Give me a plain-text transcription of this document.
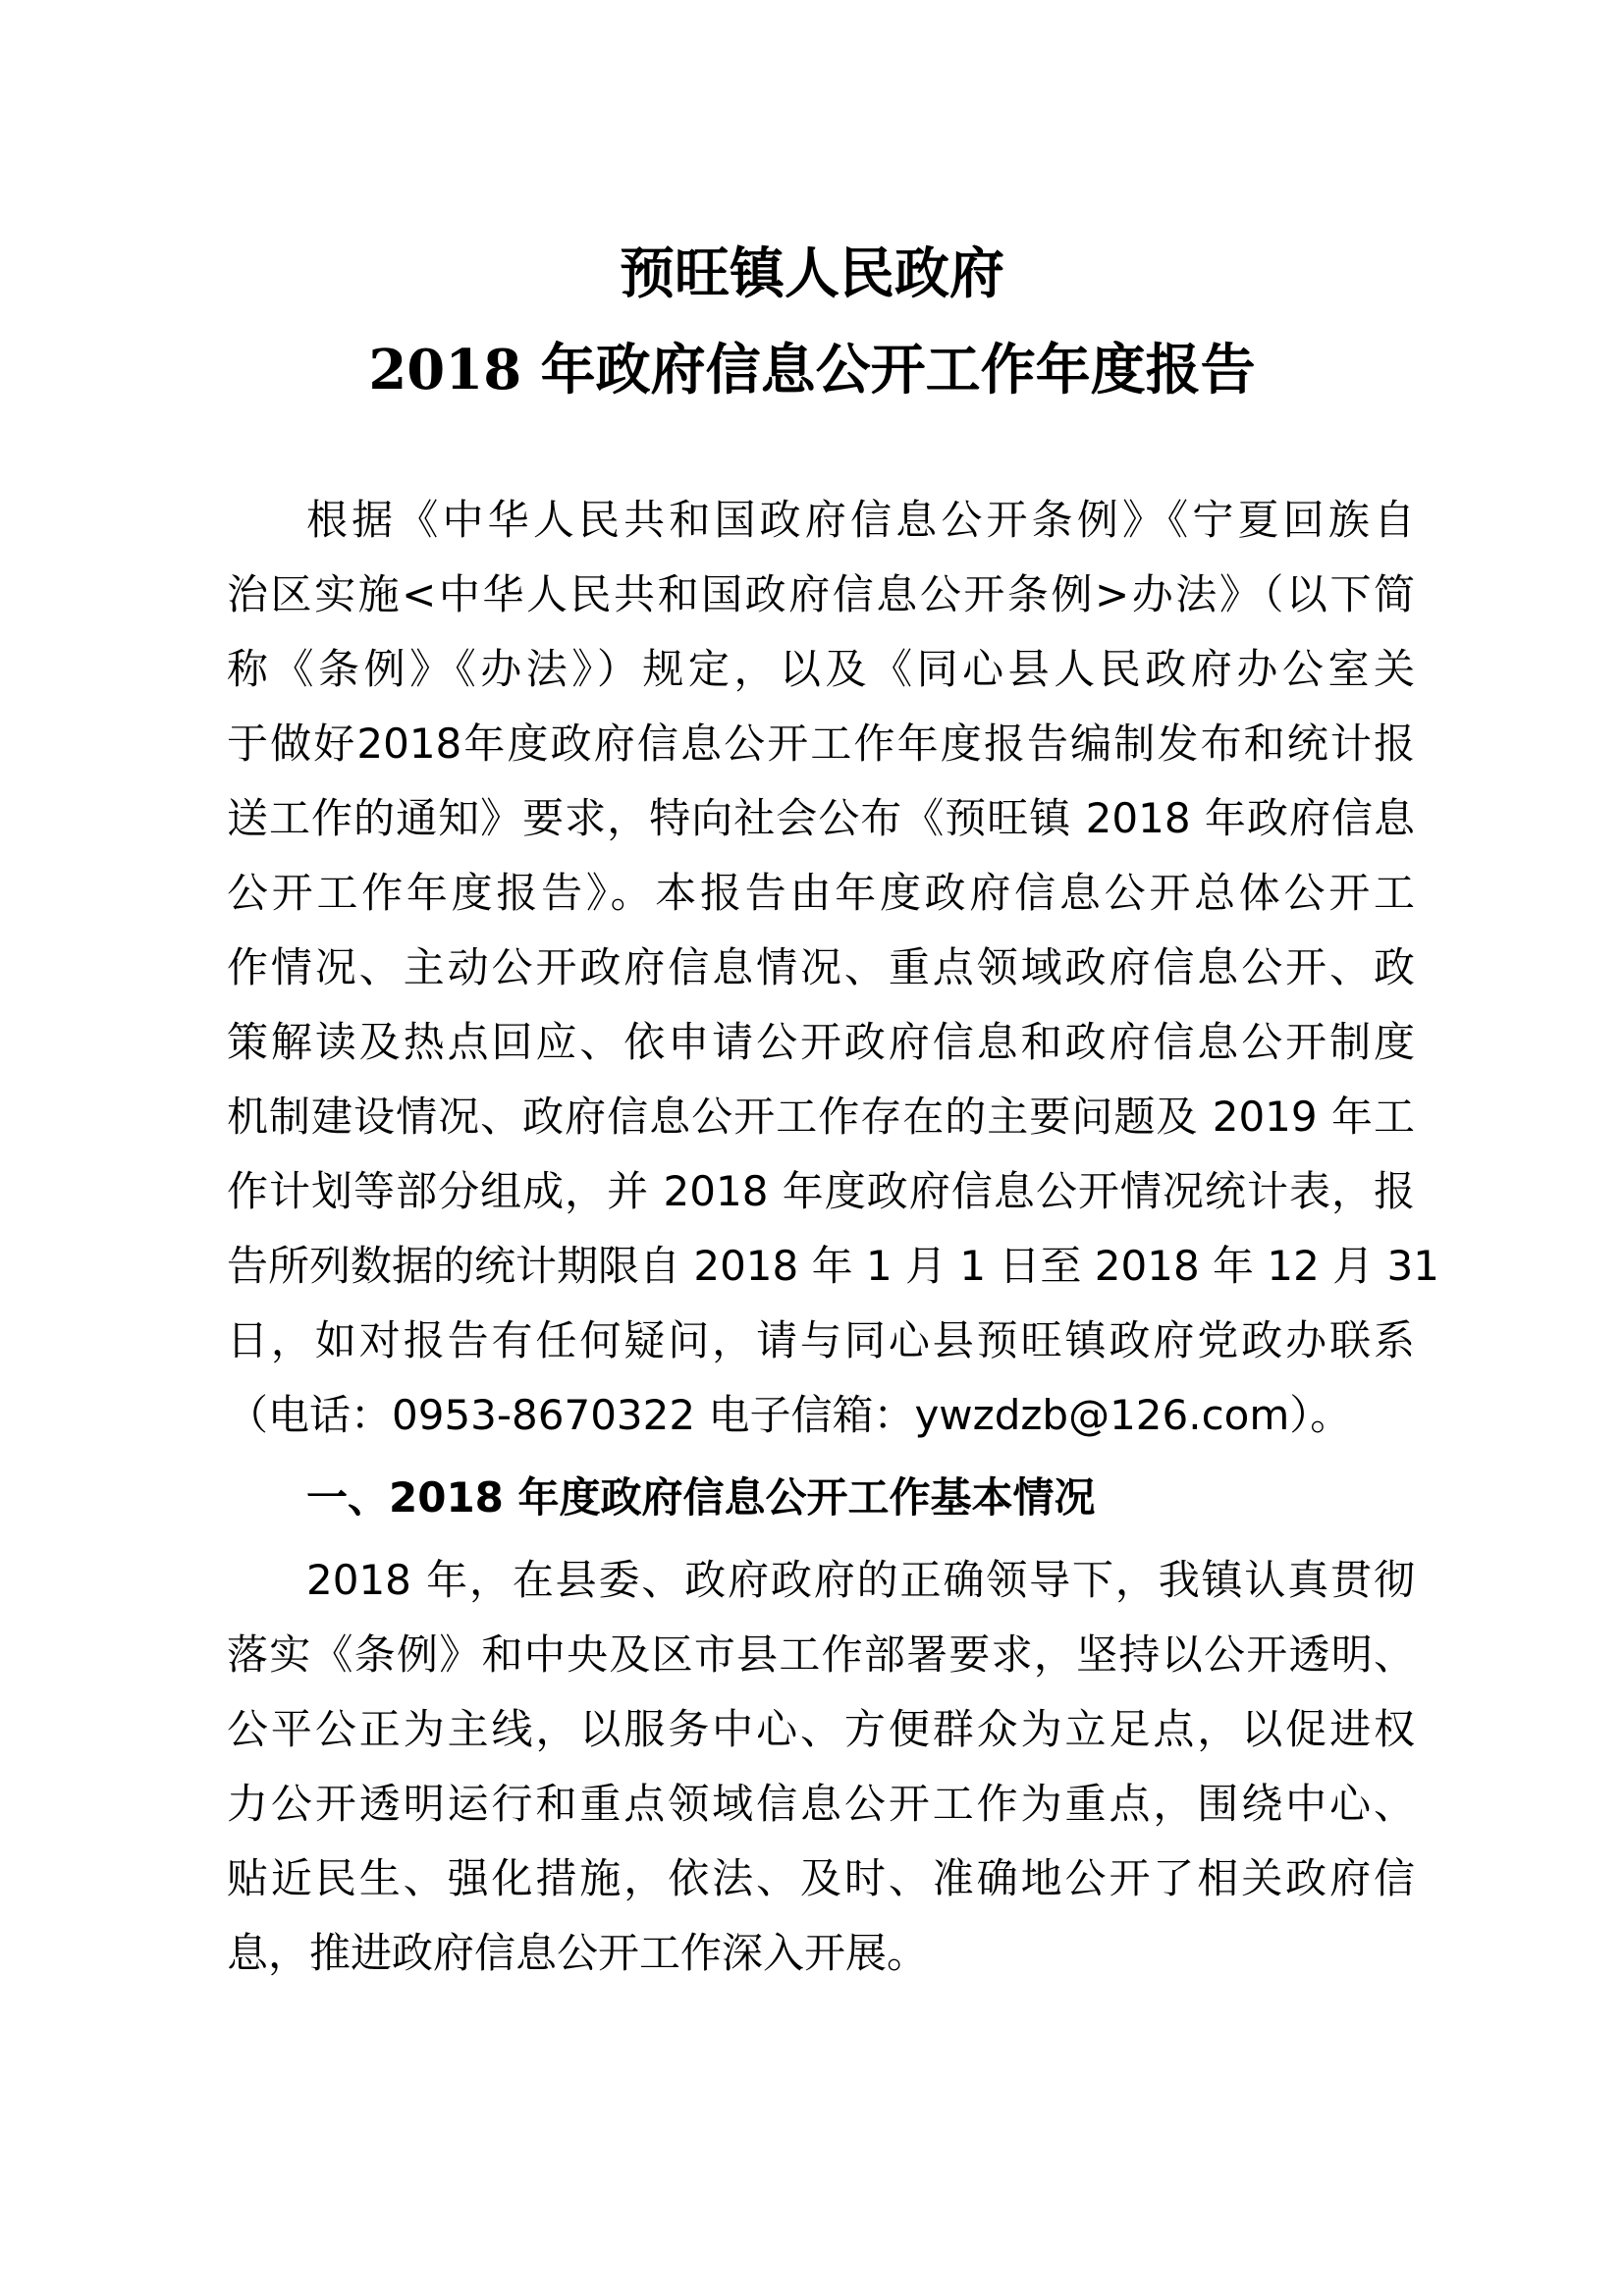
预旺镇人民政府
2018 年政府信息公开工作年度报告
根据《中华人民共和国政府信息公开条例》《宁夏回族自
治区实施<中华人民共和国政府信息公开条例>办法》（以下简
称《条例》《办法》）规定，以及《同心县人民政府办公室关
于做好2018年度政府信息公开工作年度报告编制发布和统计报
送工作的通知》要求，特向社会公布《预旺镇 2018 年政府信息
公开工作年度报告》。本报告由年度政府信息公开总体公开工
作情况、主动公开政府信息情况、重点领域政府信息公开、政
策解读及热点回应、依申请公开政府信息和政府信息公开制度
机制建设情况、政府信息公开工作存在的主要问题及 2019 年工
作计划等部分组成，并 2018 年度政府信息公开情况统计表，报
告所列数据的统计期限自 2018 年 1 月 1 日至 2018 年 12 月 31
日，如对报告有任何疑问，请与同心县预旺镇政府党政办联系
（电话：0953-8670322 电子信箱：ywzdzb@126.com）。
一、2018 年度政府信息公开工作基本情况
2018 年，在县委、政府政府的正确领导下，我镇认真贯彻
落实《条例》和中央及区市县工作部署要求，坚持以公开透明、
公平公正为主线，以服务中心、方便群众为立足点，以促进权
力公开透明运行和重点领域信息公开工作为重点，围绕中心、
贴近民生、强化措施，依法、及时、准确地公开了相关政府信
息，推进政府信息公开工作深入开展。
